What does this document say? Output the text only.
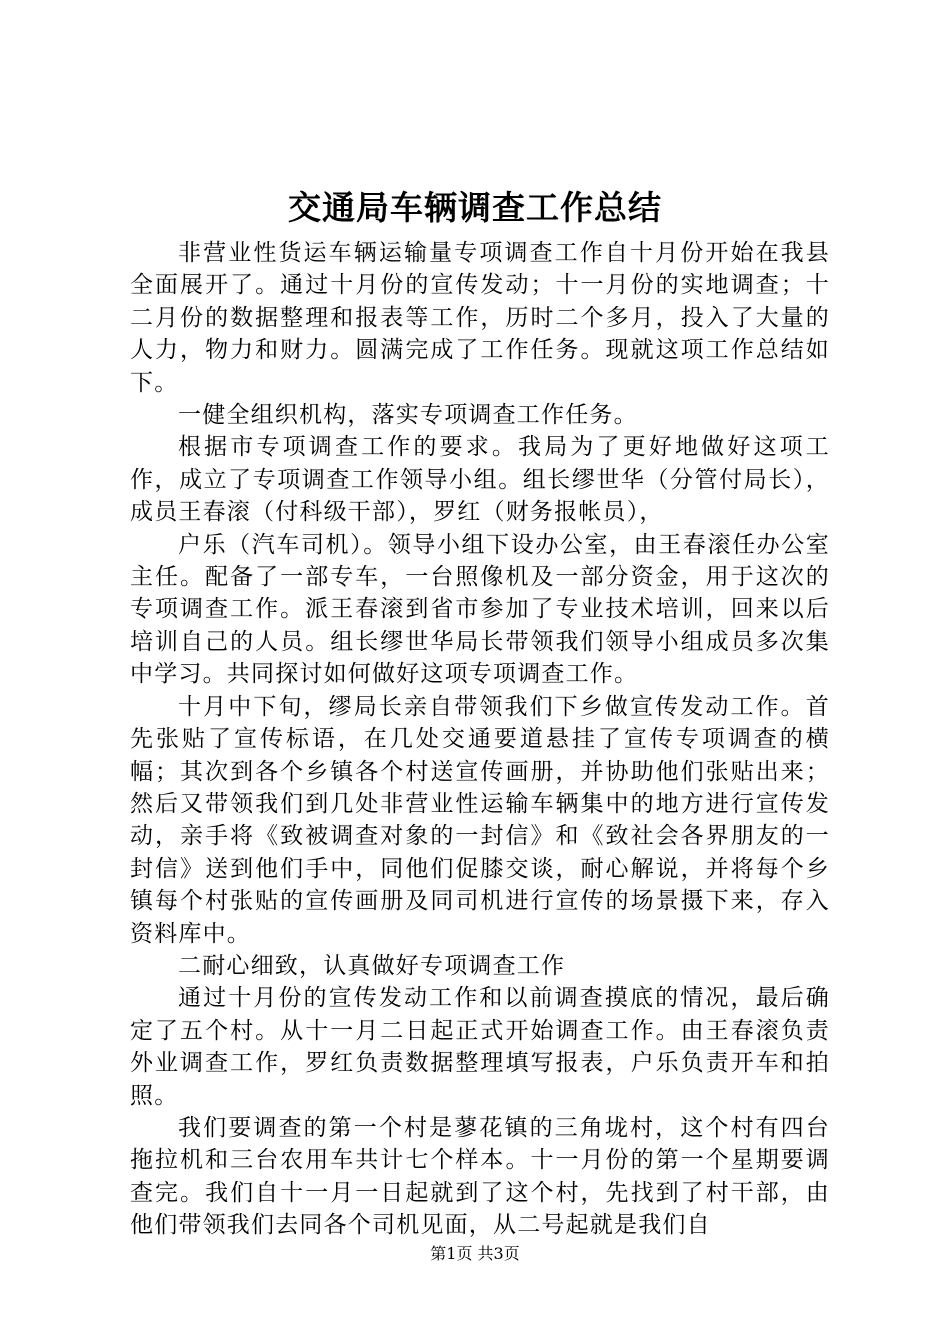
交通局车辆调查工作总结

非营业性货运车辆运输量专项调查工作自十月份开始在我县全面展开了。通过十月份的宣传发动；十一月份的实地调查；十二月份的数据整理和报表等工作，历时二个多月，投入了大量的人力，物力和财力。圆满完成了工作任务。现就这项工作总结如下。

一健全组织机构，落实专项调查工作任务。

根据市专项调查工作的要求。我局为了更好地做好这项工作，成立了专项调查工作领导小组。组长缪世华（分管付局长），成员王春滚（付科级干部），罗红（财务报帐员），

户乐（汽车司机）。领导小组下设办公室，由王春滚任办公室主任。配备了一部专车，一台照像机及一部分资金，用于这次的专项调查工作。派王春滚到省市参加了专业技术培训，回来以后培训自己的人员。组长缪世华局长带领我们领导小组成员多次集中学习。共同探讨如何做好这项专项调查工作。

十月中下旬，缪局长亲自带领我们下乡做宣传发动工作。首先张贴了宣传标语，在几处交通要道悬挂了宣传专项调查的横幅；其次到各个乡镇各个村送宣传画册，并协助他们张贴出来；然后又带领我们到几处非营业性运输车辆集中的地方进行宣传发动，亲手将《致被调查对象的一封信》和《致社会各界朋友的一封信》送到他们手中，同他们促膝交谈，耐心解说，并将每个乡镇每个村张贴的宣传画册及同司机进行宣传的场景摄下来，存入资料库中。

二耐心细致，认真做好专项调查工作

通过十月份的宣传发动工作和以前调查摸底的情况，最后确定了五个村。从十一月二日起正式开始调查工作。由王春滚负责外业调查工作，罗红负责数据整理填写报表，户乐负责开车和拍照。

我们要调查的第一个村是蓼花镇的三角垅村，这个村有四台拖拉机和三台农用车共计七个样本。十一月份的第一个星期要调查完。我们自十一月一日起就到了这个村，先找到了村干部，由他们带领我们去同各个司机见面，从二号起就是我们自

第1页 共3页
